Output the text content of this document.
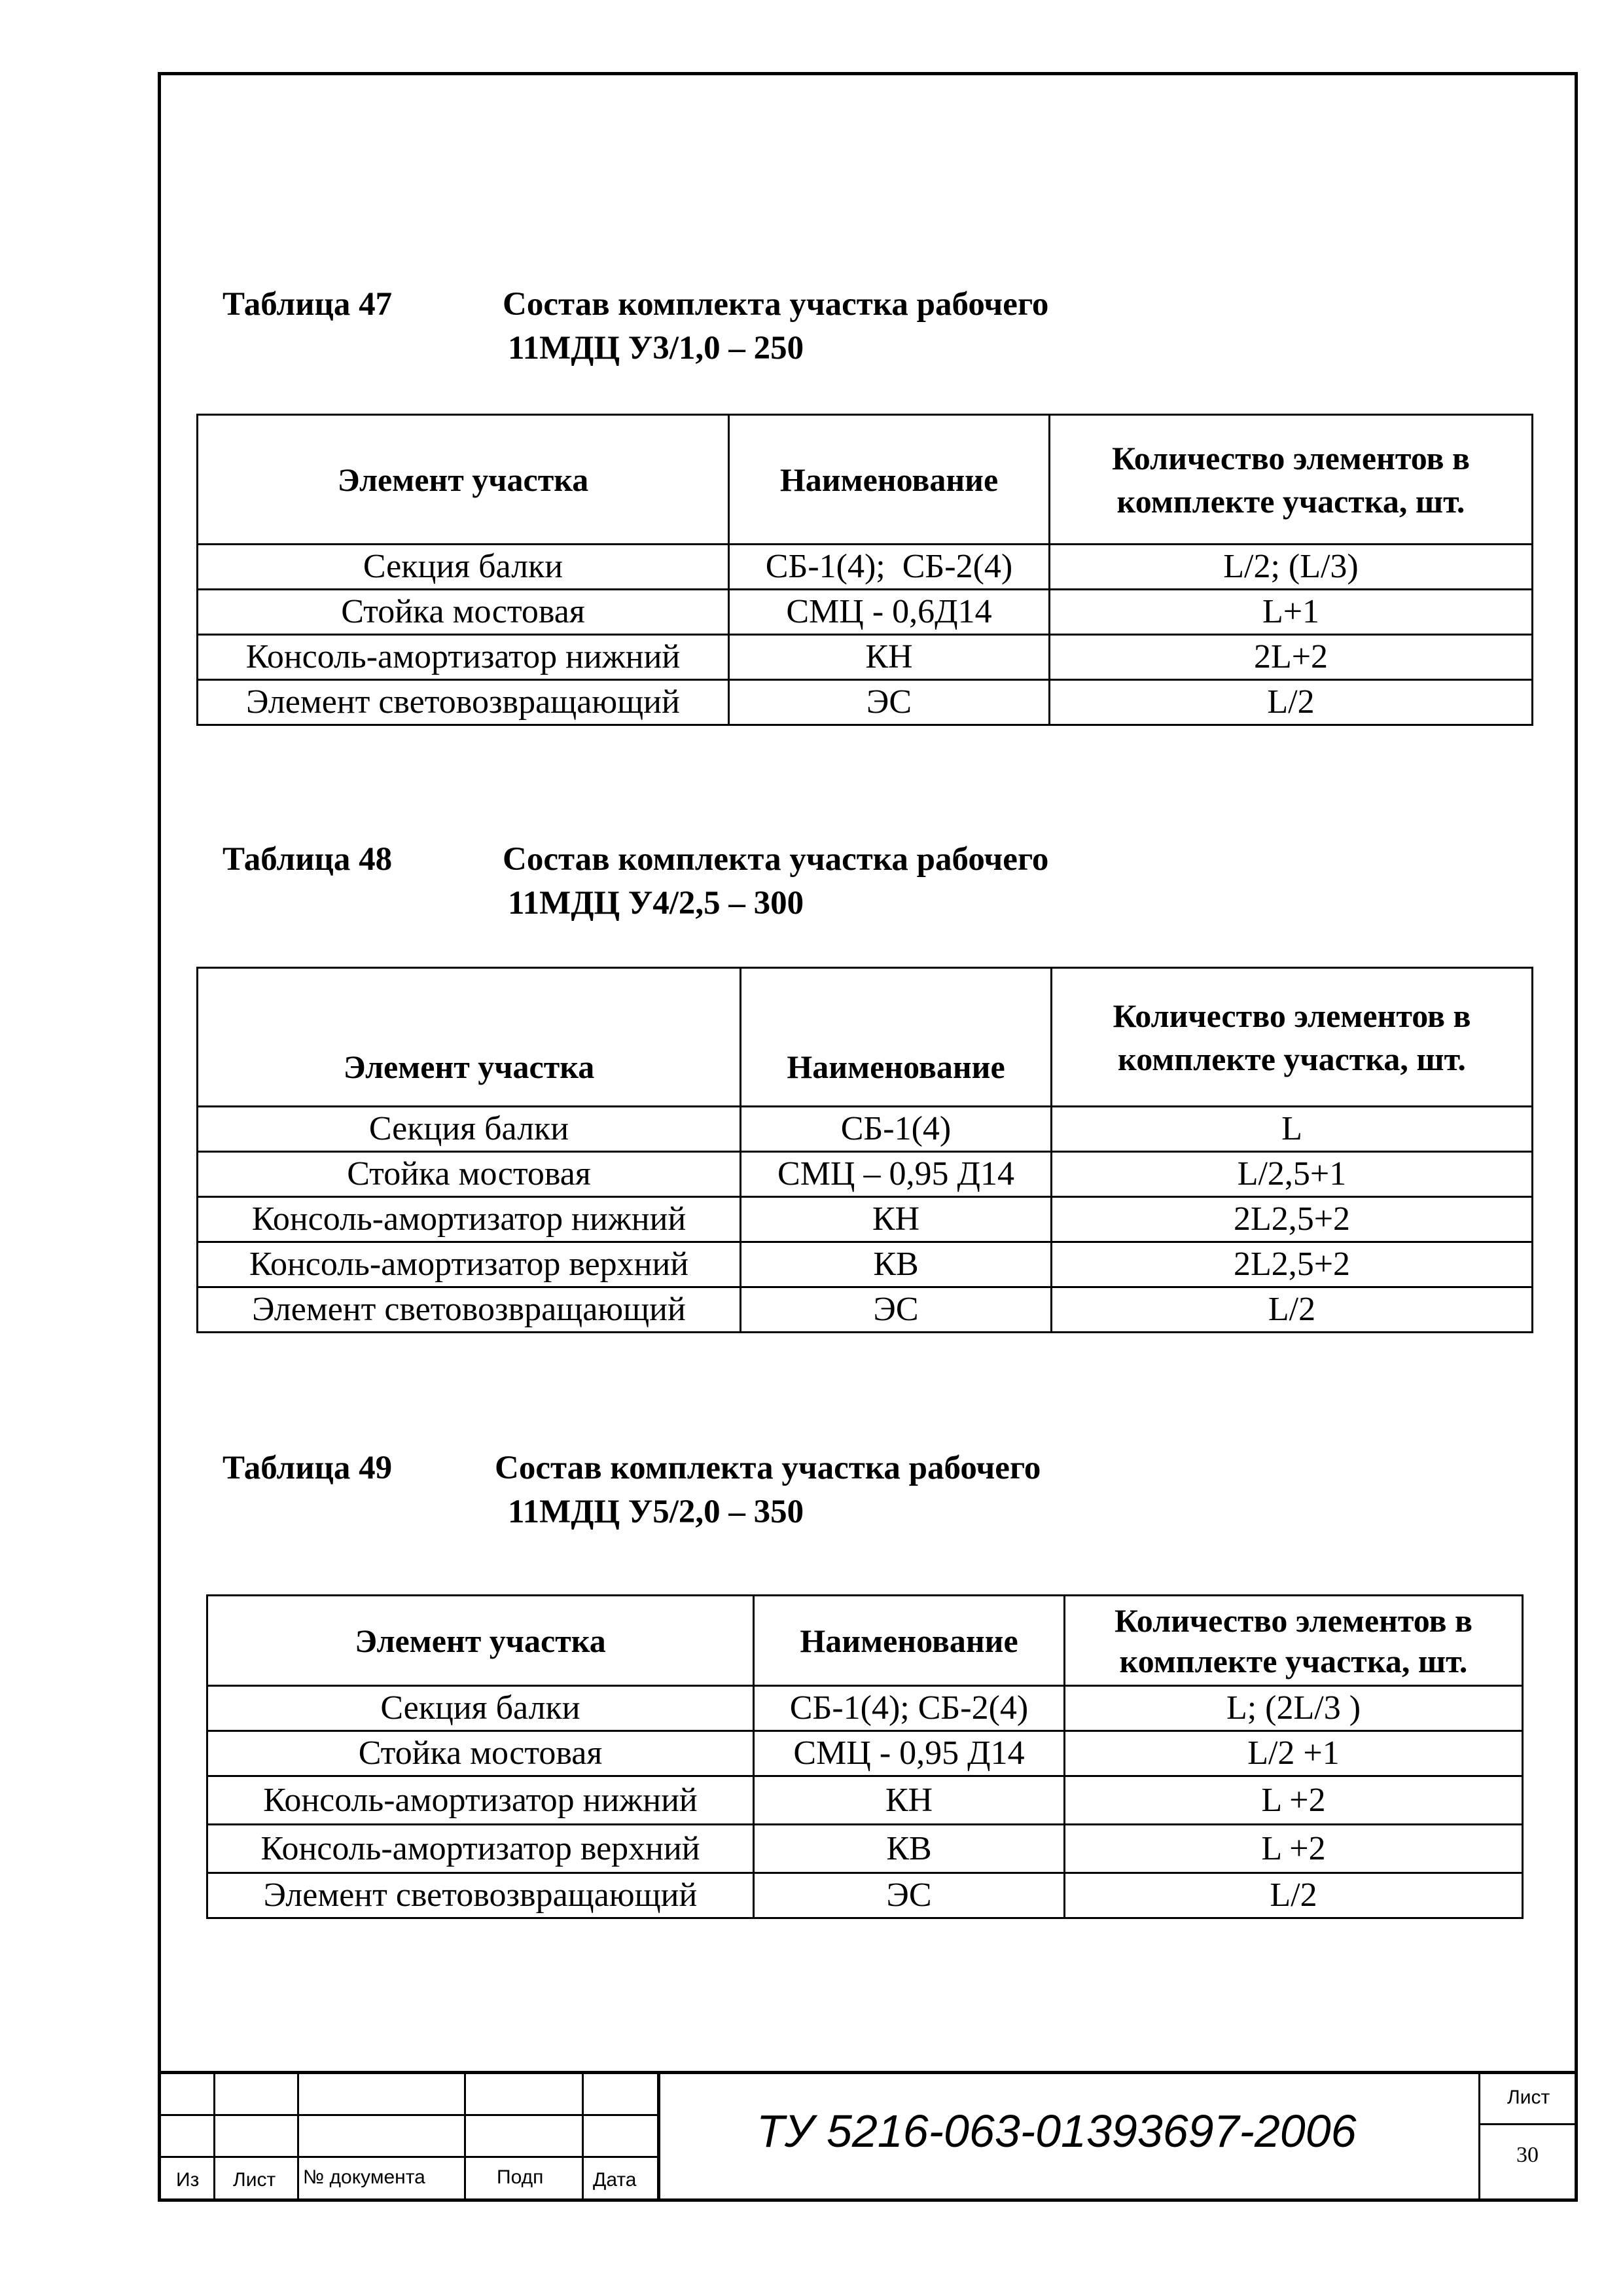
Таблица 47	Состав комплекта участка рабочего
11МДЦ У3/1,0 – 250
Элемент участка	Наименование	Количество элементов в комплекте участка, шт.

Секция балки	СБ-1(4);  СБ-2(4)	L/2; (L/3)
Стойка мостовая	СМЦ - 0,6Д14	L+1
Консоль-амортизатор нижний	КН	2L+2
Элемент световозвращающий	ЭС	L/2
Таблица 48	Состав комплекта участка рабочего
11МДЦ У4/2,5 – 300
Элемент участка	Наименование	Количество элементов в комплекте участка, шт.

Секция балки	СБ-1(4)	L
Стойка мостовая	СМЦ – 0,95 Д14	L/2,5+1
Консоль-амортизатор нижний	КН	2L2,5+2
Консоль-амортизатор верхний	КВ	2L2,5+2
Элемент световозвращающий	ЭС	L/2
Таблица 49	Состав комплекта участка рабочего
11МДЦ У5/2,0 – 350
Элемент участка	Наименование	Количество элементов в комплекте участка, шт.

Секция балки	СБ-1(4); СБ-2(4)	L; (2L/3 )
Стойка мостовая	СМЦ - 0,95 Д14	L/2 +1
Консоль-амортизатор нижний	КН	L +2
Консоль-амортизатор верхний	КВ	L +2
Элемент световозвращающий	ЭС	L/2
Из Лист № документа	Подп	Дата
ТУ 5216-063-01393697-2006
Лист
30
